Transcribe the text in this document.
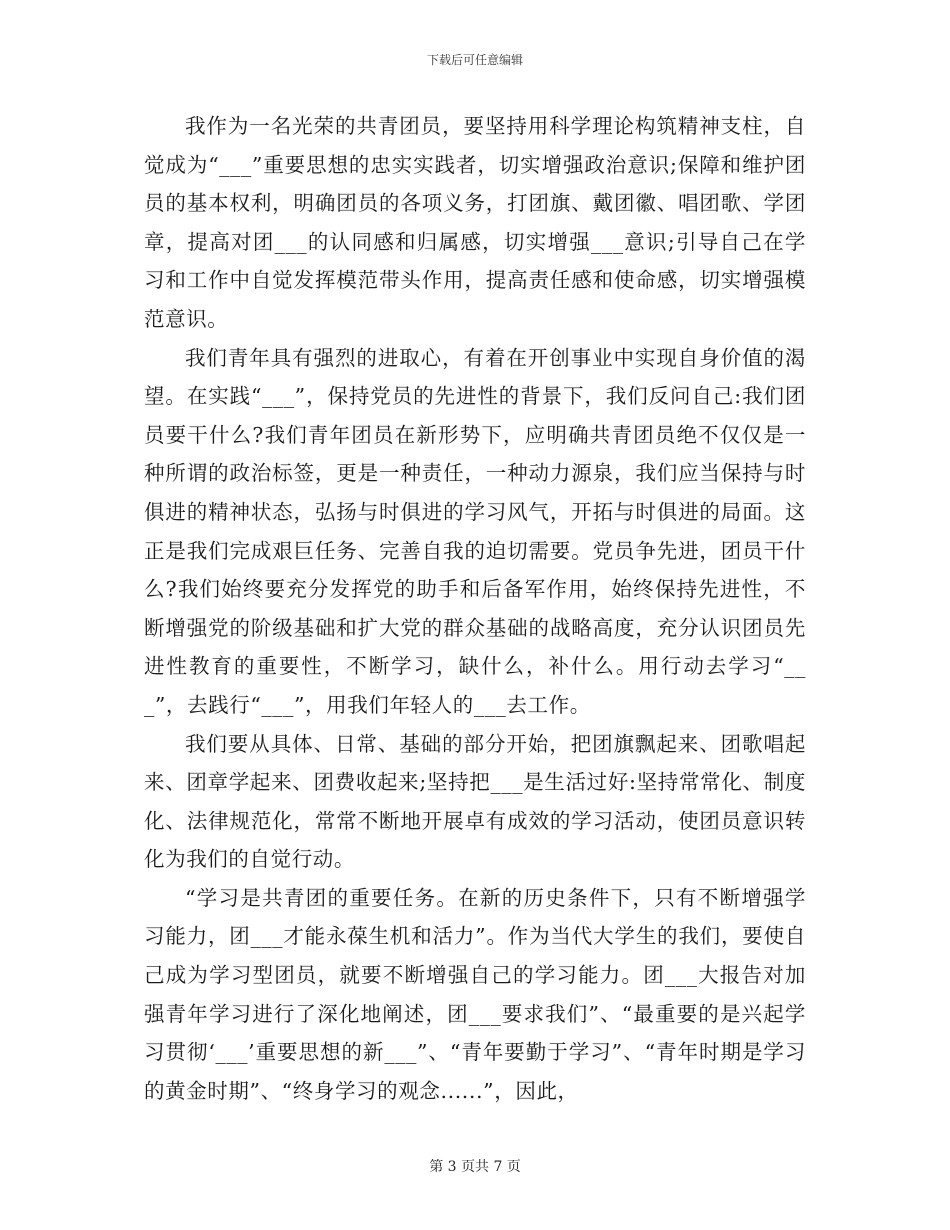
下载后可任意编辑

我作为一名光荣的共青团员，要坚持用科学理论构筑精神支柱，自觉成为“___”重要思想的忠实实践者，切实增强政治意识;保障和维护团员的基本权利，明确团员的各项义务，打团旗、戴团徽、唱团歌、学团章，提高对团___的认同感和归属感，切实增强___意识;引导自己在学习和工作中自觉发挥模范带头作用，提高责任感和使命感，切实增强模范意识。

我们青年具有强烈的进取心，有着在开创事业中实现自身价值的渴望。在实践“___”，保持党员的先进性的背景下，我们反问自己:我们团员要干什么?我们青年团员在新形势下，应明确共青团员绝不仅仅是一种所谓的政治标签，更是一种责任，一种动力源泉，我们应当保持与时俱进的精神状态，弘扬与时俱进的学习风气，开拓与时俱进的局面。这正是我们完成艰巨任务、完善自我的迫切需要。党员争先进，团员干什么?我们始终要充分发挥党的助手和后备军作用，始终保持先进性，不断增强党的阶级基础和扩大党的群众基础的战略高度，充分认识团员先进性教育的重要性，不断学习，缺什么，补什么。用行动去学习“___”，去践行“___”，用我们年轻人的___去工作。

我们要从具体、日常、基础的部分开始，把团旗飘起来、团歌唱起来、团章学起来、团费收起来;坚持把___是生活过好:坚持常常化、制度化、法律规范化，常常不断地开展卓有成效的学习活动，使团员意识转化为我们的自觉行动。

“学习是共青团的重要任务。在新的历史条件下，只有不断增强学习能力，团___才能永葆生机和活力”。作为当代大学生的我们，要使自己成为学习型团员，就要不断增强自己的学习能力。团___大报告对加强青年学习进行了深化地阐述，团___要求我们”、“最重要的是兴起学习贯彻‘___’重要思想的新___”、“青年要勤于学习”、“青年时期是学习的黄金时期”、“终身学习的观念......”，因此，

第 3 页共 7 页
